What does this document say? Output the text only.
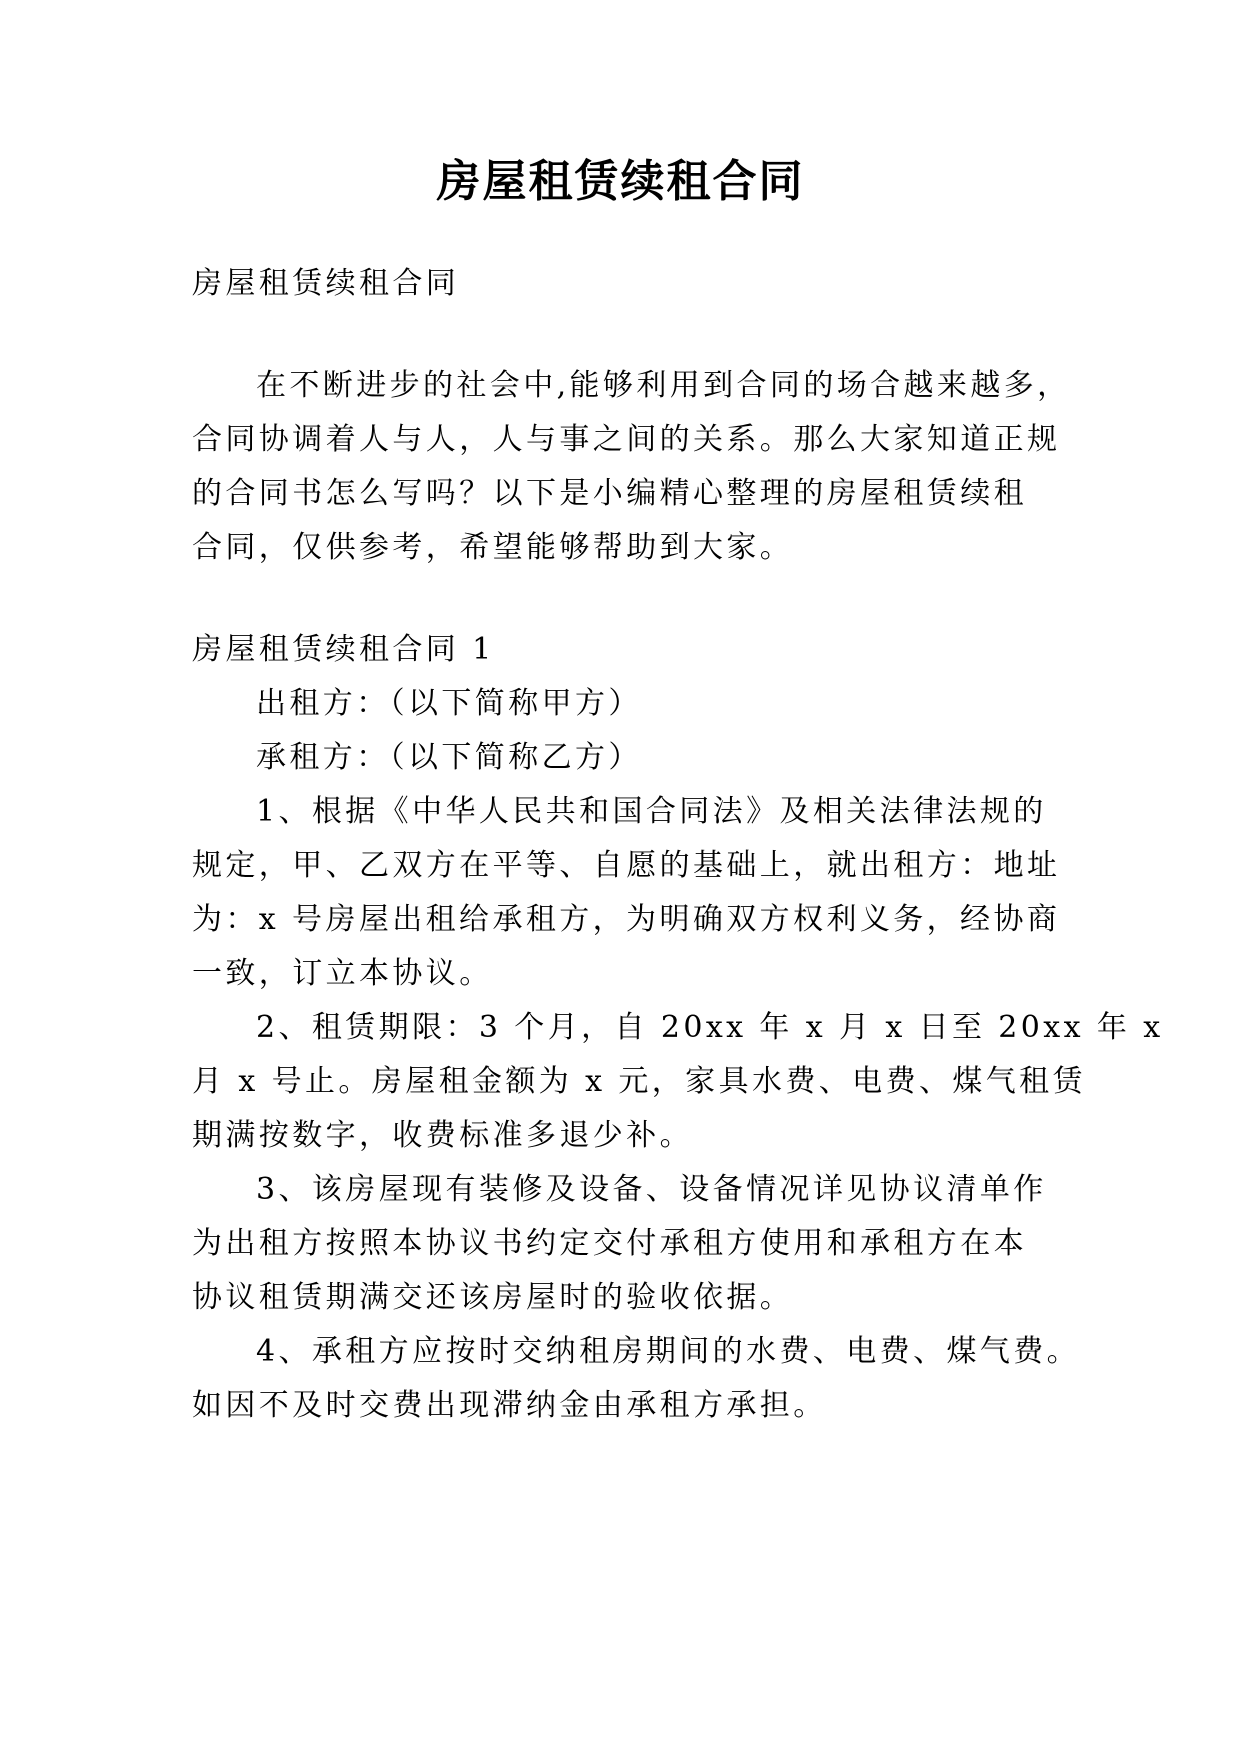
房屋租赁续租合同
房屋租赁续租合同
在不断进步的社会中,能够利用到合同的场合越来越多，
合同协调着人与人，人与事之间的关系。那么大家知道正规
的合同书怎么写吗？以下是小编精心整理的房屋租赁续租
合同，仅供参考，希望能够帮助到大家。
房屋租赁续租合同 1
出租方：（以下简称甲方）
承租方：（以下简称乙方）
1、根据《中华人民共和国合同法》及相关法律法规的
规定，甲、乙双方在平等、自愿的基础上，就出租方：地址
为：x 号房屋出租给承租方，为明确双方权利义务，经协商
一致，订立本协议。
2、租赁期限：3 个月，自 20xx 年 x 月 x 日至 20xx 年 x
月 x 号止。房屋租金额为 x 元，家具水费、电费、煤气租赁
期满按数字，收费标准多退少补。
3、该房屋现有装修及设备、设备情况详见协议清单作
为出租方按照本协议书约定交付承租方使用和承租方在本
协议租赁期满交还该房屋时的验收依据。
4、承租方应按时交纳租房期间的水费、电费、煤气费。
如因不及时交费出现滞纳金由承租方承担。
